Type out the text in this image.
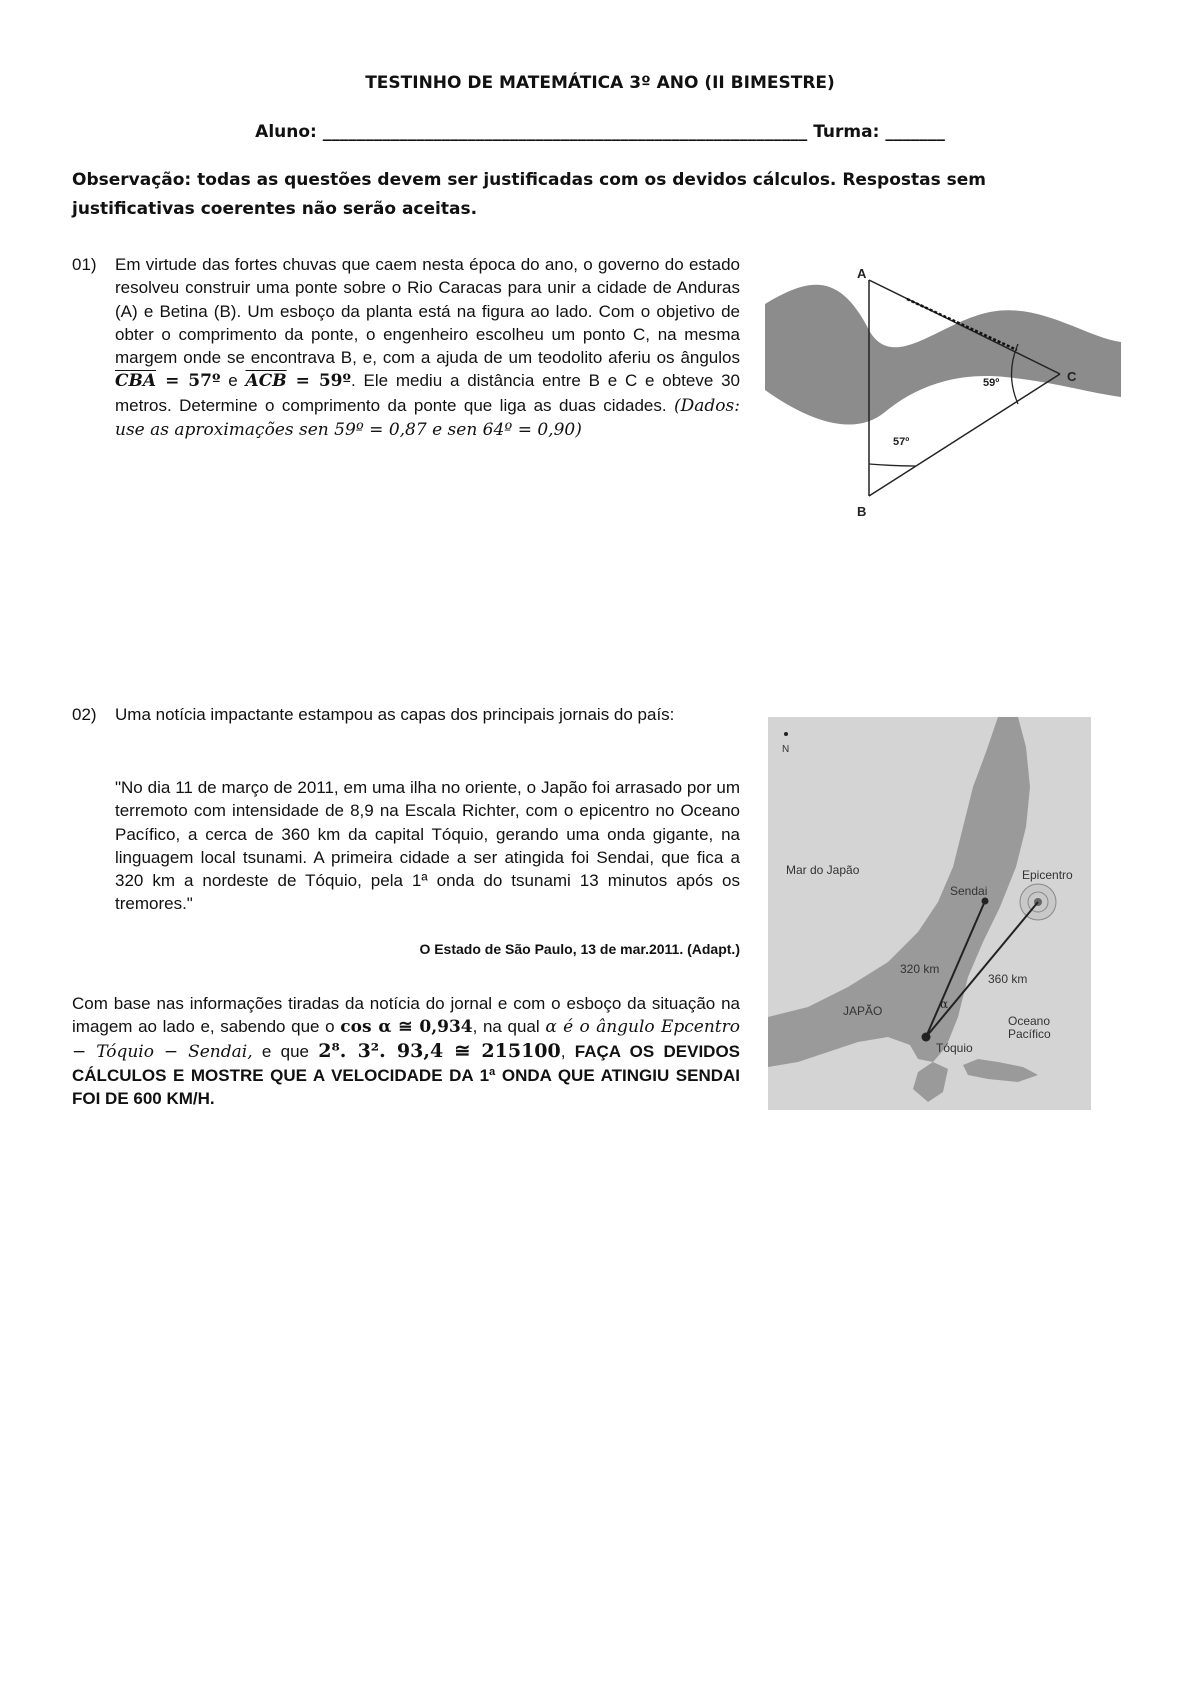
TESTINHO DE MATEMÁTICA 3º ANO (II BIMESTRE)
Aluno: _________________________________________________________ Turma: _______
Observação: todas as questões devem ser justificadas com os devidos cálculos. Respostas sem justificativas coerentes não serão aceitas.
01) Em virtude das fortes chuvas que caem nesta época do ano, o governo do estado resolveu construir uma ponte sobre o Rio Caracas para unir a cidade de Anduras (A) e Betina (B). Um esboço da planta está na figura ao lado. Com o objetivo de obter o comprimento da ponte, o engenheiro escolheu um ponto C, na mesma margem onde se encontrava B, e, com a ajuda de um teodolito aferiu os ângulos $\overline{CBA}$ = 57º e $\overline{ACB}$ = 59º. Ele mediu a distância entre B e C e obteve 30 metros. Determine o comprimento da ponte que liga as duas cidades. (Dados: use as aproximações sen 59º = 0,87 e sen 64º = 0,90)
A
B
C
59º
57º
02) Uma notícia impactante estampou as capas dos principais jornais do país:
"No dia 11 de março de 2011, em uma ilha no oriente, o Japão foi arrasado por um terremoto com intensidade de 8,9 na Escala Richter, com o epicentro no Oceano Pacífico, a cerca de 360 km da capital Tóquio, gerando uma onda gigante, na linguagem local tsunami. A primeira cidade a ser atingida foi Sendai, que fica a 320 km a nordeste de Tóquio, pela 1ª onda do tsunami 13 minutos após os tremores."
O Estado de São Paulo, 13 de mar.2011. (Adapt.)
Com base nas informações tiradas da notícia do jornal e com o esboço da situação na imagem ao lado e, sabendo que o cos α ≅ 0,934, na qual α é o ângulo Epcentro − Tóquio − Sendai, e que 2⁸. 3². 93,4 ≅ 215100, FAÇA OS DEVIDOS CÁLCULOS E MOSTRE QUE A VELOCIDADE DA 1ª ONDA QUE ATINGIU SENDAI FOI DE 600 KM/H.
N
Mar do Japão	Epicentro
Sendai
320 km
360 km
JAPÃO
Oceano
Pacífico
α
Tóquio
